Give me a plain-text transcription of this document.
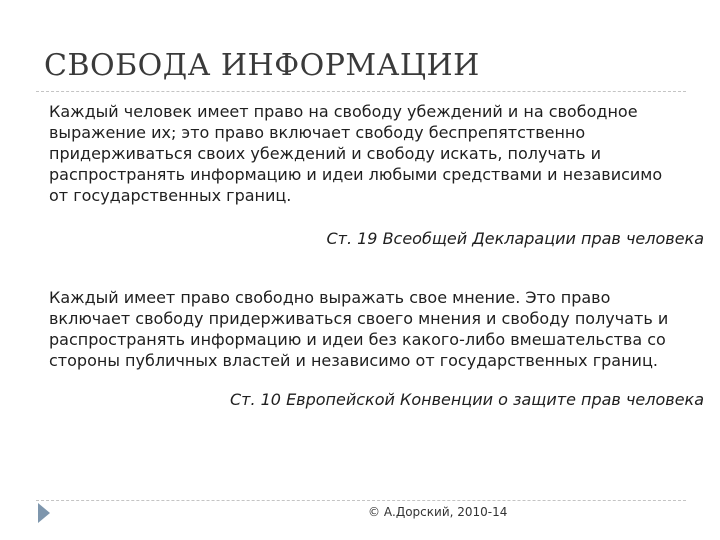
СВОБОДА ИНФОРМАЦИИ

Каждый человек имеет право на свободу убеждений и на свободное
выражение их; это право включает свободу беспрепятственно
придерживаться своих убеждений и свободу искать, получать и
распространять информацию и идеи любыми средствами и независимо
от государственных границ.

Ст. 19 Всеобщей Декларации прав человека

Каждый имеет право свободно выражать свое мнение. Это право
включает свободу придерживаться своего мнения и свободу получать и
распространять информацию и идеи без какого-либо вмешательства со
стороны публичных властей и независимо от государственных границ.

Ст. 10 Европейской Конвенции о защите прав человека

© А.Дорский, 2010-14
